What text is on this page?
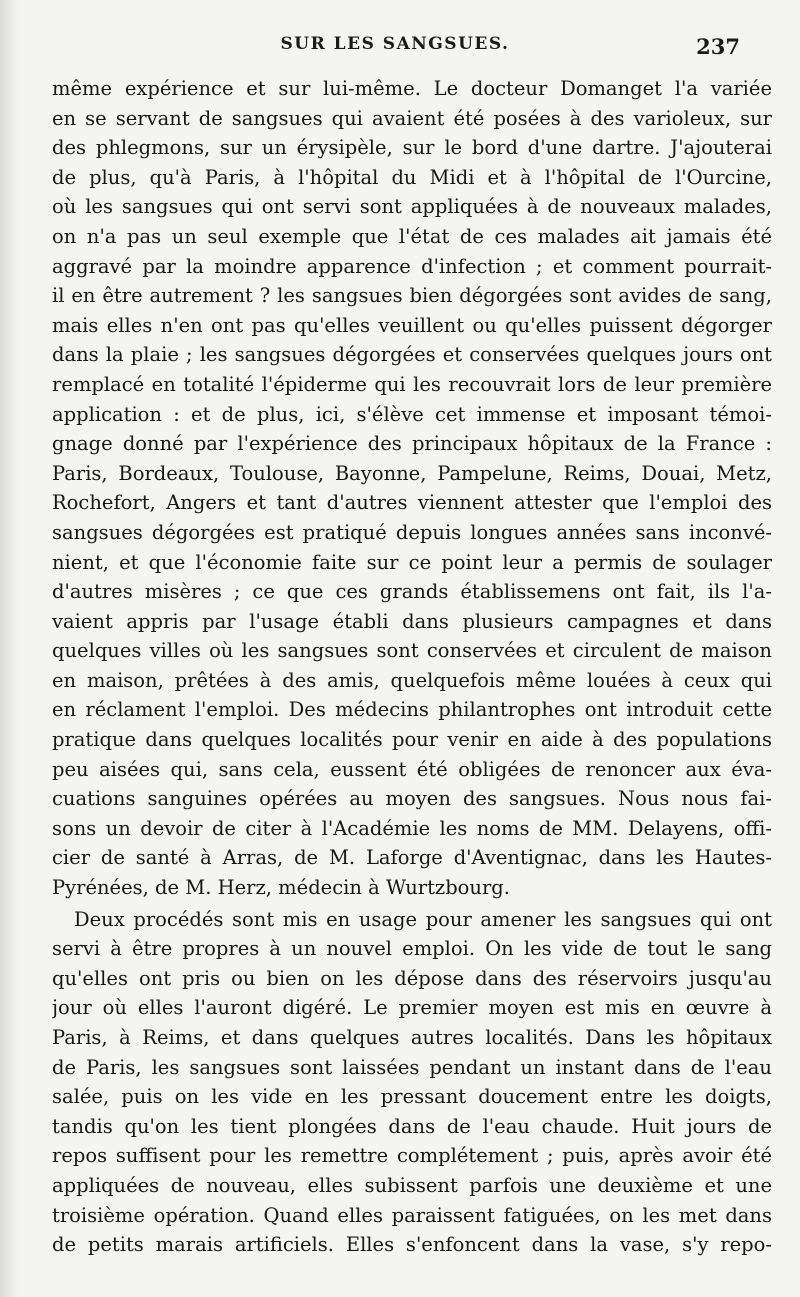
SUR LES SANGSUES.	237
même expérience et sur lui-même. Le docteur Domanget l'a variée
en se servant de sangsues qui avaient été posées à des varioleux, sur
des phlegmons, sur un érysipèle, sur le bord d'une dartre. J'ajouterai
de plus, qu'à Paris, à l'hôpital du Midi et à l'hôpital de l'Ourcine,
où les sangsues qui ont servi sont appliquées à de nouveaux malades,
on n'a pas un seul exemple que l'état de ces malades ait jamais été
aggravé par la moindre apparence d'infection ; et comment pourrait-
il en être autrement ? les sangsues bien dégorgées sont avides de sang,
mais elles n'en ont pas qu'elles veuillent ou qu'elles puissent dégorger
dans la plaie ; les sangsues dégorgées et conservées quelques jours ont
remplacé en totalité l'épiderme qui les recouvrait lors de leur première
application : et de plus, ici, s'élève cet immense et imposant témoi-
gnage donné par l'expérience des principaux hôpitaux de la France :
Paris, Bordeaux, Toulouse, Bayonne, Pampelune, Reims, Douai, Metz,
Rochefort, Angers et tant d'autres viennent attester que l'emploi des
sangsues dégorgées est pratiqué depuis longues années sans inconvé-
nient, et que l'économie faite sur ce point leur a permis de soulager
d'autres misères ; ce que ces grands établissemens ont fait, ils l'a-
vaient appris par l'usage établi dans plusieurs campagnes et dans
quelques villes où les sangsues sont conservées et circulent de maison
en maison, prêtées à des amis, quelquefois même louées à ceux qui
en réclament l'emploi. Des médecins philantrophes ont introduit cette
pratique dans quelques localités pour venir en aide à des populations
peu aisées qui, sans cela, eussent été obligées de renoncer aux éva-
cuations sanguines opérées au moyen des sangsues. Nous nous fai-
sons un devoir de citer à l'Académie les noms de MM. Delayens, offi-
cier de santé à Arras, de M. Laforge d'Aventignac, dans les Hautes-
Pyrénées, de M. Herz, médecin à Wurtzbourg.
Deux procédés sont mis en usage pour amener les sangsues qui ont
servi à être propres à un nouvel emploi. On les vide de tout le sang
qu'elles ont pris ou bien on les dépose dans des réservoirs jusqu'au
jour où elles l'auront digéré. Le premier moyen est mis en œuvre à
Paris, à Reims, et dans quelques autres localités. Dans les hôpitaux
de Paris, les sangsues sont laissées pendant un instant dans de l'eau
salée, puis on les vide en les pressant doucement entre les doigts,
tandis qu'on les tient plongées dans de l'eau chaude. Huit jours de
repos suffisent pour les remettre complétement ; puis, après avoir été
appliquées de nouveau, elles subissent parfois une deuxième et une
troisième opération. Quand elles paraissent fatiguées, on les met dans
de petits marais artificiels. Elles s'enfoncent dans la vase, s'y repo-
